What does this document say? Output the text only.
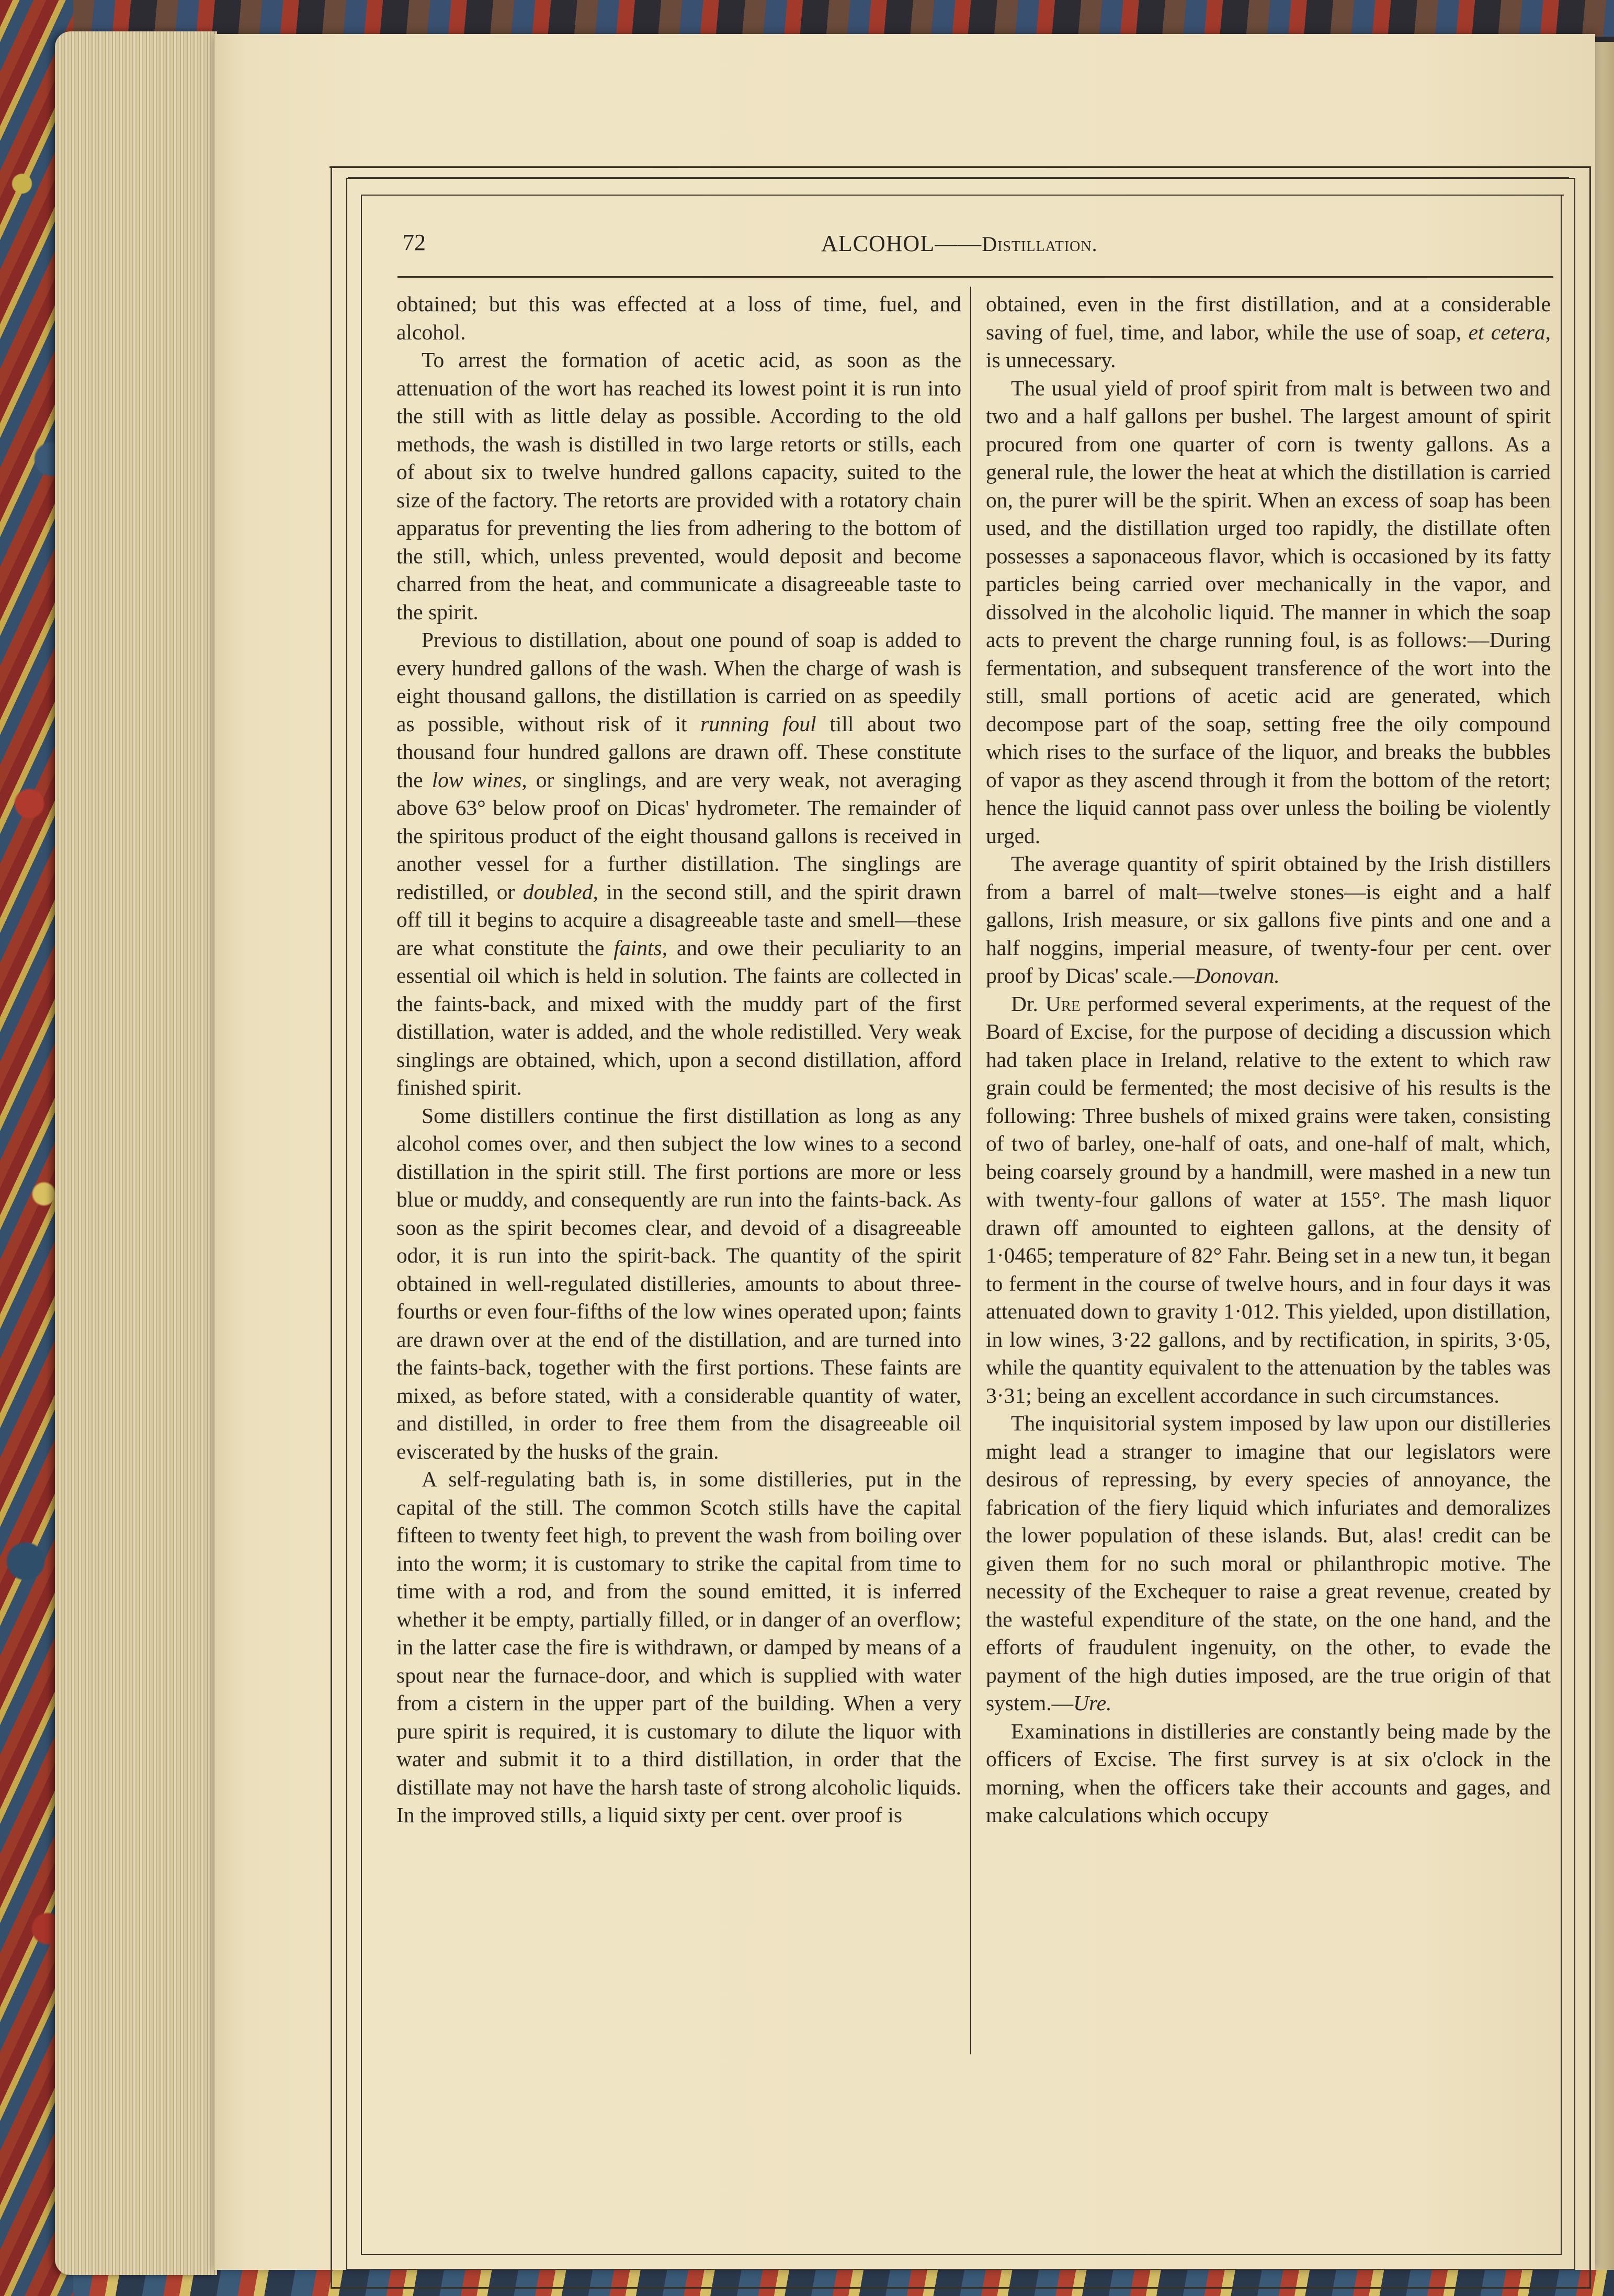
72	ALCOHOL——Distillation.

obtained; but this was effected at a loss of time, fuel, and alcohol.

To arrest the formation of acetic acid, as soon as the attenuation of the wort has reached its lowest point it is run into the still with as little delay as possible. According to the old methods, the wash is distilled in two large retorts or stills, each of about six to twelve hundred gallons capacity, suited to the size of the factory. The retorts are provided with a rotatory chain apparatus for preventing the lies from adhering to the bottom of the still, which, unless prevented, would deposit and become charred from the heat, and communicate a disagreeable taste to the spirit.

Previous to distillation, about one pound of soap is added to every hundred gallons of the wash. When the charge of wash is eight thousand gallons, the distillation is carried on as speedily as possible, without risk of it running foul till about two thousand four hundred gallons are drawn off. These constitute the low wines, or singlings, and are very weak, not averaging above 63° below proof on Dicas' hydrometer. The remainder of the spiritous product of the eight thousand gallons is received in another vessel for a further distillation. The singlings are redistilled, or doubled, in the second still, and the spirit drawn off till it begins to acquire a disagreeable taste and smell—these are what constitute the faints, and owe their peculiarity to an essential oil which is held in solution. The faints are collected in the faints-back, and mixed with the muddy part of the first distillation, water is added, and the whole redistilled. Very weak singlings are obtained, which, upon a second distillation, afford finished spirit.

Some distillers continue the first distillation as long as any alcohol comes over, and then subject the low wines to a second distillation in the spirit still. The first portions are more or less blue or muddy, and consequently are run into the faints-back. As soon as the spirit becomes clear, and devoid of a disagreeable odor, it is run into the spirit-back. The quantity of the spirit obtained in well-regulated distilleries, amounts to about three-fourths or even four-fifths of the low wines operated upon; faints are drawn over at the end of the distillation, and are turned into the faints-back, together with the first portions. These faints are mixed, as before stated, with a considerable quantity of water, and distilled, in order to free them from the disagreeable oil eviscerated by the husks of the grain.

A self-regulating bath is, in some distilleries, put in the capital of the still. The common Scotch stills have the capital fifteen to twenty feet high, to prevent the wash from boiling over into the worm; it is customary to strike the capital from time to time with a rod, and from the sound emitted, it is inferred whether it be empty, partially filled, or in danger of an overflow; in the latter case the fire is withdrawn, or damped by means of a spout near the furnace-door, and which is supplied with water from a cistern in the upper part of the building. When a very pure spirit is required, it is customary to dilute the liquor with water and submit it to a third distillation, in order that the distillate may not have the harsh taste of strong alcoholic liquids. In the improved stills, a liquid sixty per cent. over proof is

obtained, even in the first distillation, and at a considerable saving of fuel, time, and labor, while the use of soap, et cetera, is unnecessary.

The usual yield of proof spirit from malt is between two and two and a half gallons per bushel. The largest amount of spirit procured from one quarter of corn is twenty gallons. As a general rule, the lower the heat at which the distillation is carried on, the purer will be the spirit. When an excess of soap has been used, and the distillation urged too rapidly, the distillate often possesses a saponaceous flavor, which is occasioned by its fatty particles being carried over mechanically in the vapor, and dissolved in the alcoholic liquid. The manner in which the soap acts to prevent the charge running foul, is as follows:—During fermentation, and subsequent transference of the wort into the still, small portions of acetic acid are generated, which decompose part of the soap, setting free the oily compound which rises to the surface of the liquor, and breaks the bubbles of vapor as they ascend through it from the bottom of the retort; hence the liquid cannot pass over unless the boiling be violently urged.

The average quantity of spirit obtained by the Irish distillers from a barrel of malt—twelve stones—is eight and a half gallons, Irish measure, or six gallons five pints and one and a half noggins, imperial measure, of twenty-four per cent. over proof by Dicas' scale.—Donovan.

Dr. Ure performed several experiments, at the request of the Board of Excise, for the purpose of deciding a discussion which had taken place in Ireland, relative to the extent to which raw grain could be fermented; the most decisive of his results is the following: Three bushels of mixed grains were taken, consisting of two of barley, one-half of oats, and one-half of malt, which, being coarsely ground by a handmill, were mashed in a new tun with twenty-four gallons of water at 155°. The mash liquor drawn off amounted to eighteen gallons, at the density of 1·0465; temperature of 82° Fahr. Being set in a new tun, it began to ferment in the course of twelve hours, and in four days it was attenuated down to gravity 1·012. This yielded, upon distillation, in low wines, 3·22 gallons, and by rectification, in spirits, 3·05, while the quantity equivalent to the attenuation by the tables was 3·31; being an excellent accordance in such circumstances.

The inquisitorial system imposed by law upon our distilleries might lead a stranger to imagine that our legislators were desirous of repressing, by every species of annoyance, the fabrication of the fiery liquid which infuriates and demoralizes the lower population of these islands. But, alas! credit can be given them for no such moral or philanthropic motive. The necessity of the Exchequer to raise a great revenue, created by the wasteful expenditure of the state, on the one hand, and the efforts of fraudulent ingenuity, on the other, to evade the payment of the high duties imposed, are the true origin of that system.—Ure.

Examinations in distilleries are constantly being made by the officers of Excise. The first survey is at six o'clock in the morning, when the officers take their accounts and gages, and make calculations which occupy
